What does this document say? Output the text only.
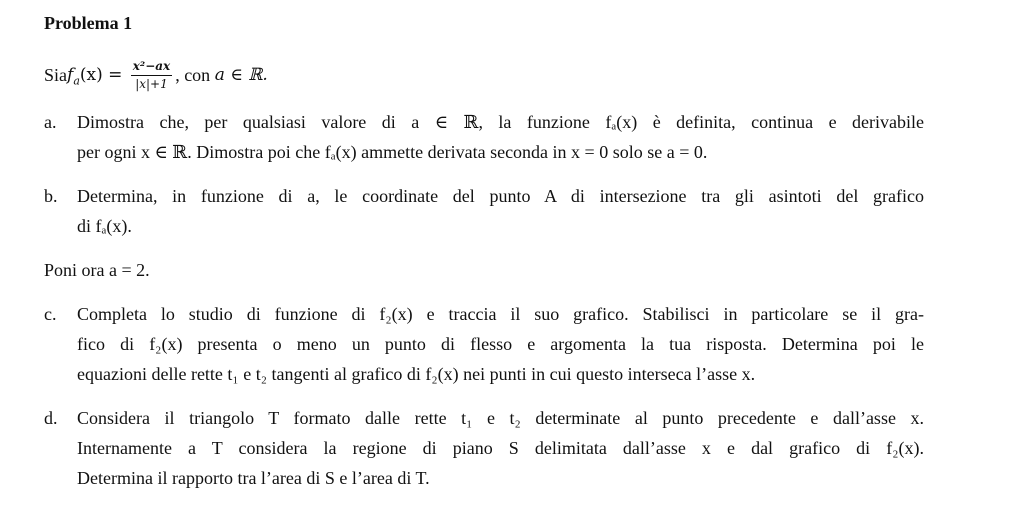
Problema 1
Sia $f_a$ $(x) = \frac{\text{x²−ax}}{|x|+1}$ , con a ∈ ℝ.
a.	Dimostra che, per qualsiasi valore di a ∈ ℝ, la funzione fₐ(x) è definita, continua e derivabile
per ogni x ∈ ℝ. Dimostra poi che fₐ(x) ammette derivata seconda in x = 0 solo se a = 0.
b.	Determina, in funzione di a, le coordinate del punto A di intersezione tra gli asintoti del grafico
di fₐ(x).
Poni ora a = 2.
c.	Completa lo studio di funzione di f₂(x) e traccia il suo grafico. Stabilisci in particolare se il gra-
fico di f₂(x) presenta o meno un punto di flesso e argomenta la tua risposta. Determina poi le
equazioni delle rette t₁ e t₂ tangenti al grafico di f₂(x) nei punti in cui questo interseca l’asse x.
d.	Considera il triangolo T formato dalle rette t₁ e t₂ determinate al punto precedente e dall’asse x.
Internamente a T considera la regione di piano S delimitata dall’asse x e dal grafico di f₂(x).
Determina il rapporto tra l’area di S e l’area di T.
